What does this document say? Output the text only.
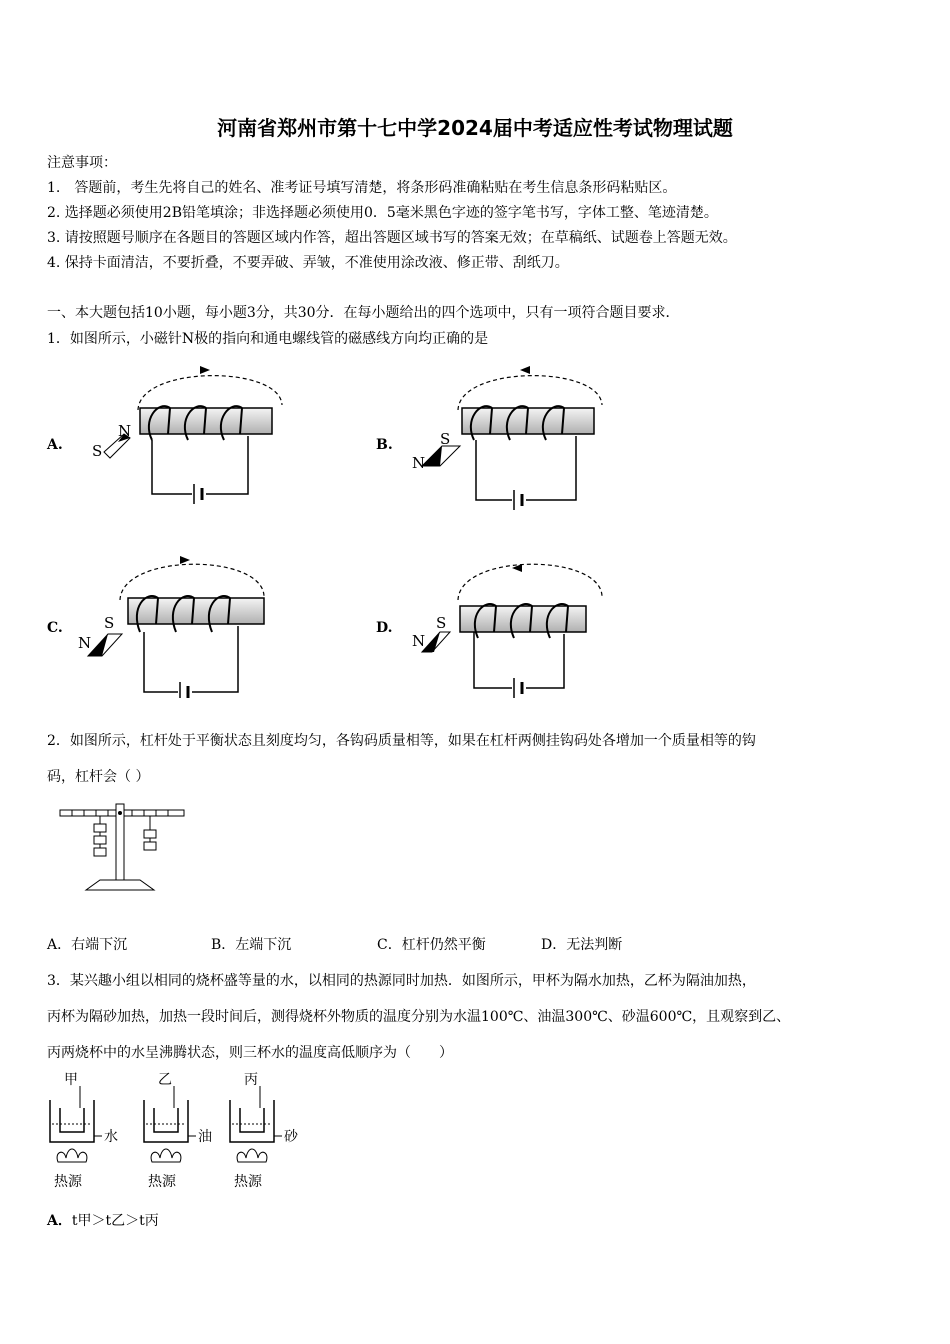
河南省郑州市第十七中学2024届中考适应性考试物理试题
注意事项：
1.　答题前，考生先将自己的姓名、准考证号填写清楚，将条形码准确粘贴在考生信息条形码粘贴区。
2. 选择题必须使用2B铅笔填涂；非选择题必须使用0．5毫米黑色字迹的签字笔书写，字体工整、笔迹清楚。
3. 请按照题号顺序在各题目的答题区域内作答，超出答题区域书写的答案无效；在草稿纸、试题卷上答题无效。
4. 保持卡面清洁，不要折叠，不要弄破、弄皱，不准使用涂改液、修正带、刮纸刀。
一、本大题包括10小题，每小题3分，共30分．在每小题给出的四个选项中，只有一项符合题目要求．
1．如图所示，小磁针N极的指向和通电螺线管的磁感线方向均正确的是
A.	B.
C.	D.
N
S
S
N
S
N
S
N
2．如图所示，杠杆处于平衡状态且刻度均匀，各钩码质量相等，如果在杠杆两侧挂钩码处各增加一个质量相等的钩
码，杠杆会（ ）
A．右端下沉	B．左端下沉	C．杠杆仍然平衡	D．无法判断
3．某兴趣小组以相同的烧杯盛等量的水，以相同的热源同时加热．如图所示，甲杯为隔水加热，乙杯为隔油加热，
丙杯为隔砂加热，加热一段时间后，测得烧杯外物质的温度分别为水温100℃、油温300℃、砂温600℃，且观察到乙、
丙两烧杯中的水呈沸腾状态，则三杯水的温度高低顺序为（　　）
甲
水
热源
乙
油
热源
丙
砂
热源
A．t甲＞t乙＞t丙
